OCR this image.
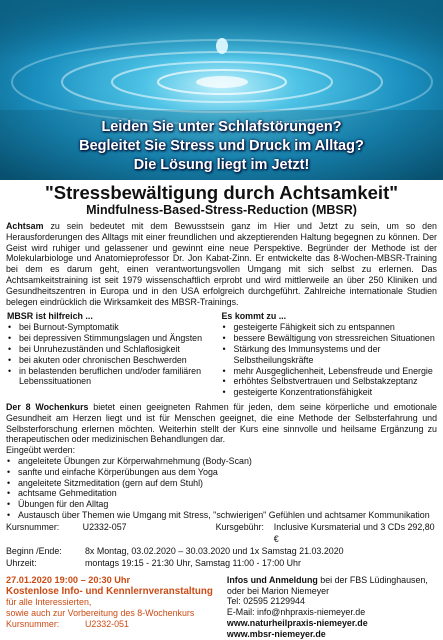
Leiden Sie unter Schlafstörungen?
Begleitet Sie Stress und Druck im Alltag?
Die Lösung liegt im Jetzt!
"Stressbewältigung durch Achtsamkeit"
Mindfulness-Based-Stress-Reduction (MBSR)

Achtsam zu sein bedeutet mit dem Bewusstsein ganz im Hier und Jetzt zu sein, um so den Herausforderungen des Alltags mit einer freundlichen und akzeptierenden Haltung begegnen zu können. Der Geist wird ruhiger und gelassener und gewinnt eine neue Perspektive. Begründer der Methode ist der Molekularbiologe und Anatomieprofessor Dr. Jon Kabat-Zinn. Er entwickelte das 8-Wochen-MBSR-Training bei dem es darum geht, einen verantwortungsvollen Umgang mit sich selbst zu erlernen. Das Achtsamkeitstraining ist seit 1979 wissenschaftlich erprobt und wird mittlerweile an über 250 Kliniken und Gesundheitszentren in Europa und in den USA erfolgreich durchgeführt. Zahlreiche internationale Studien belegen eindrücklich die Wirksamkeit des MBSR-Trainings.

MBSR ist hilfreich ...
• bei Burnout-Symptomatik
• bei depressiven Stimmungslagen und Ängsten
• bei Unruhezuständen und Schlaflosigkeit
• bei akuten oder chronischen Beschwerden
• in belastenden beruflichen und/oder familiären Lebenssituationen
Es kommt zu ...
• gesteigerte Fähigkeit sich zu entspannen
• bessere Bewältigung von stressreichen Situationen
• Stärkung des Immunsystems und der Selbstheilungskräfte
• mehr Ausgeglichenheit, Lebensfreude und Energie
• erhöhtes Selbstvertrauen und Selbstakzeptanz
• gesteigerte Konzentrationsfähigkeit
Der 8 Wochenkurs bietet einen geeigneten Rahmen für jeden, dem seine körperliche und emotionale Gesundheit am Herzen liegt und ist für Menschen geeignet, die eine Methode der Selbsterfahrung und Selbsterforschung erlernen möchten. Weiterhin stellt der Kurs eine sinnvolle und heilsame Ergänzung zu therapeutischen oder medizinischen Behandlungen dar.
Eingeübt werden:
• angeleitete Übungen zur Körperwahrnehmung (Body-Scan)
• sanfte und einfache Körperübungen aus dem Yoga
• angeleitete Sitzmeditation (gern auf dem Stuhl)
• achtsame Gehmeditation
• Übungen für den Alltag
• Austausch über Themen wie Umgang mit Stress, "schwierigen" Gefühlen und achtsamer Kommunikation
Kursnummer:	U2332-057	Kursgebühr:	Inclusive Kursmaterial und 3 CDs 292,80 €
Beginn /Ende:	8x Montag, 03.02.2020 – 30.03.2020 und 1x Samstag 21.03.2020
Uhrzeit:	montags 19:15 - 21:30 Uhr, Samstag 11:00 - 17:00 Uhr
27.01.2020 19:00 – 20:30 Uhr
Kostenlose Info- und Kennlernveranstaltung
für alle Interessierten,
sowie auch zur Vorbereitung des 8-Wochenkurs
Kursnummer:	U2332-051
Infos und Anmeldung bei der FBS Lüdinghausen,
oder bei Marion Niemeyer
Tel: 02595 2129944
E-Mail: info@nhpraxis-niemeyer.de
www.naturheilpraxis-niemeyer.de
www.mbsr-niemeyer.de
